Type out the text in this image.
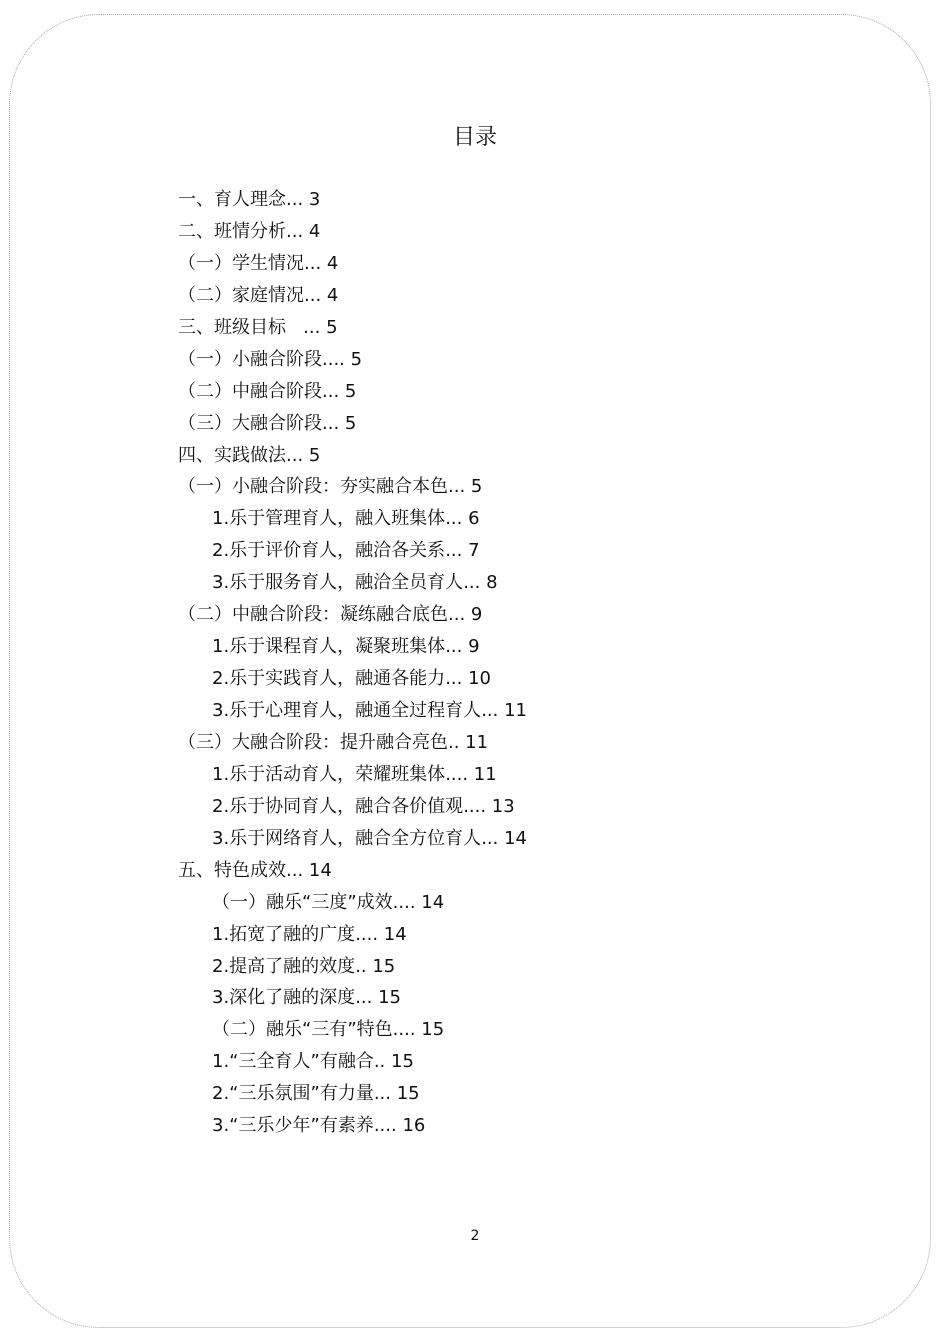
目录
一、育人理念 ... 3
二、班情分析 ... 4
（一）学生情况 ... 4
（二）家庭情况 ... 4
三、班级目标 ... 5
（一）小融合阶段 .... 5
（二）中融合阶段 ... 5
（三）大融合阶段 ... 5
四、实践做法 ... 5
（一）小融合阶段：夯实融合本色 ... 5
1.乐于管理育人，融入班集体 ... 6
2.乐于评价育人，融洽各关系 ... 7
3.乐于服务育人，融洽全员育人 ... 8
（二）中融合阶段：凝练融合底色 ... 9
1.乐于课程育人，凝聚班集体 ... 9
2.乐于实践育人，融通各能力 ... 10
3.乐于心理育人，融通全过程育人 ... 11
（三）大融合阶段：提升融合亮色 .. 11
1.乐于活动育人，荣耀班集体 .... 11
2.乐于协同育人，融合各价值观 .... 13
3.乐于网络育人，融合全方位育人 ... 14
五、特色成效 ... 14
（一）融乐“三度”成效 .... 14
1.拓宽了融的广度 .... 14
2.提高了融的效度 .. 15
3.深化了融的深度 ... 15
（二）融乐“三有”特色 .... 15
1.“三全育人”有融合 .. 15
2.“三乐氛围”有力量 ... 15
3.“三乐少年”有素养 .... 16
2
